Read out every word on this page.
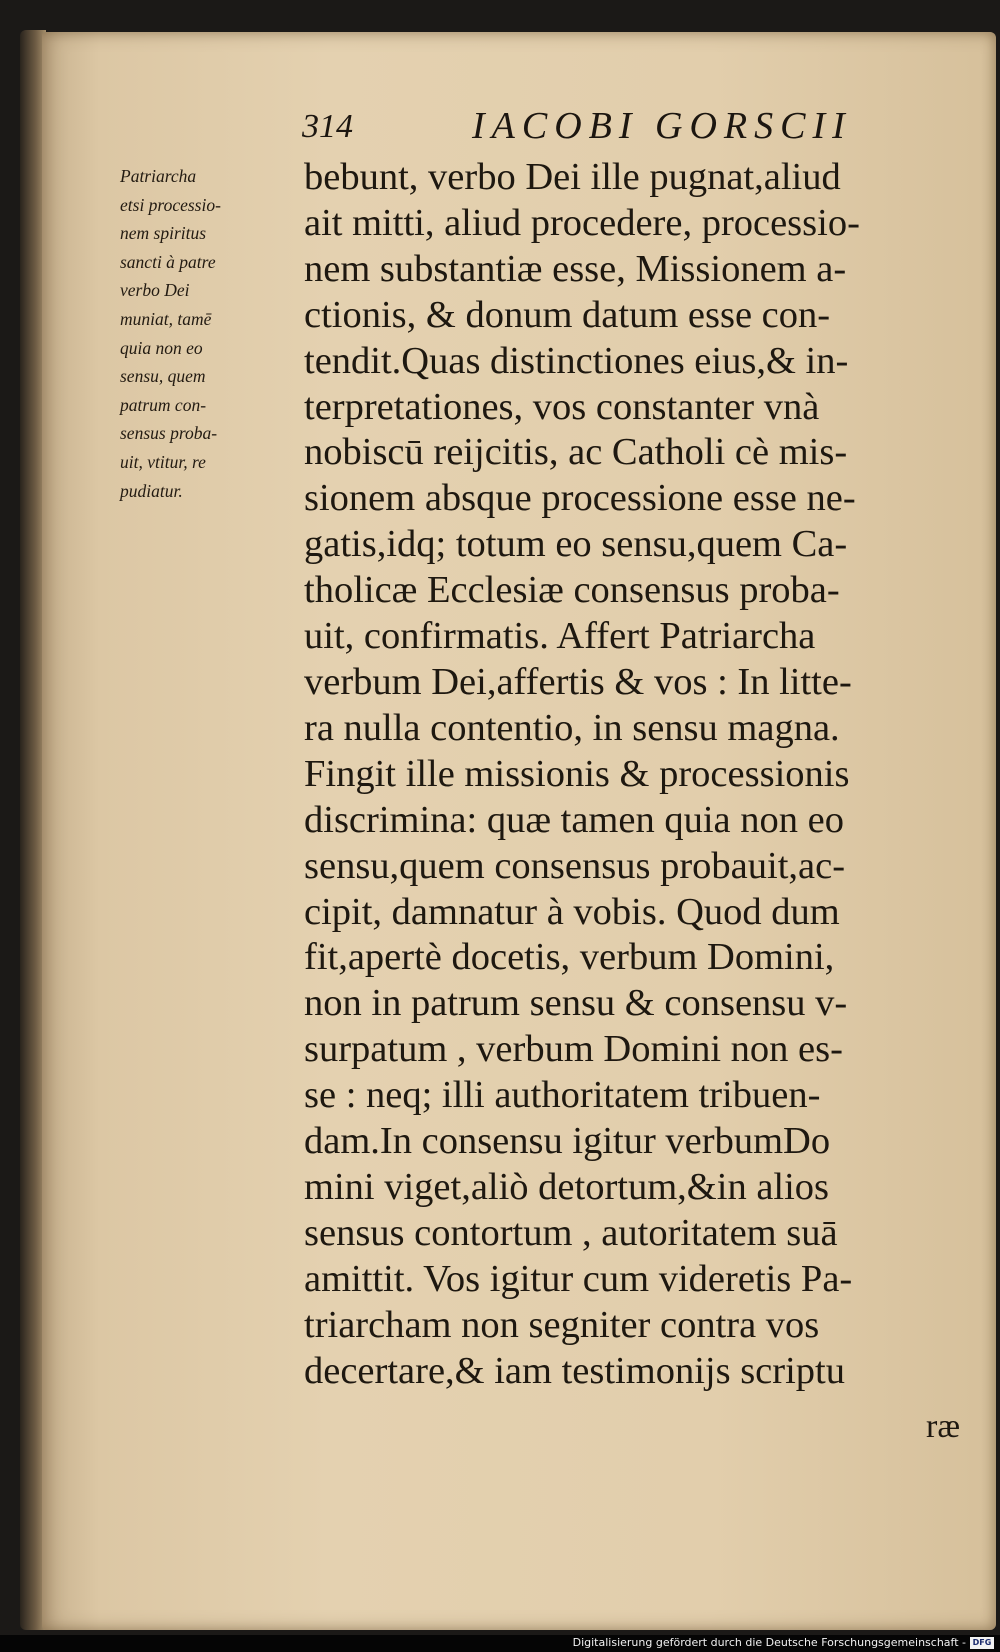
314	IACOBI GORSCII
Patriarcha
etsi processio-
nem spiritus
sancti à patre
verbo Dei
muniat, tamē
quia non eo
sensu, quem
patrum con-
sensus proba-
uit, vtitur, re
pudiatur.
bebunt, verbo Dei ille pugnat,aliud
ait mitti, aliud procedere, processio-
nem substantiæ esse, Missionem a-
ctionis, & donum datum esse con-
tendit.Quas distinctiones eius,& in-
terpretationes, vos constanter vnà
nobiscū reijcitis, ac Catholi cè mis-
sionem absque processione esse ne-
gatis,idq; totum eo sensu,quem Ca-
tholicæ Ecclesiæ consensus proba-
uit, confirmatis. Affert Patriarcha
verbum Dei,affertis & vos : In litte-
ra nulla contentio, in sensu magna.
Fingit ille missionis & processionis
discrimina: quæ tamen quia non eo
sensu,quem consensus probauit,ac-
cipit, damnatur à vobis. Quod dum
fit,apertè docetis, verbum Domini,
non in patrum sensu & consensu v-
surpatum , verbum Domini non es-
se : neq; illi authoritatem tribuen-
dam.In consensu igitur verbumDo
mini viget,aliò detortum,&in alios
sensus contortum , autoritatem suā
amittit. Vos igitur cum videretis Pa-
triarcham non segniter contra vos
decertare,& iam testimonijs scriptu
ræ
Digitalisierung gefördert durch die Deutsche Forschungsgemeinschaft - DFG
